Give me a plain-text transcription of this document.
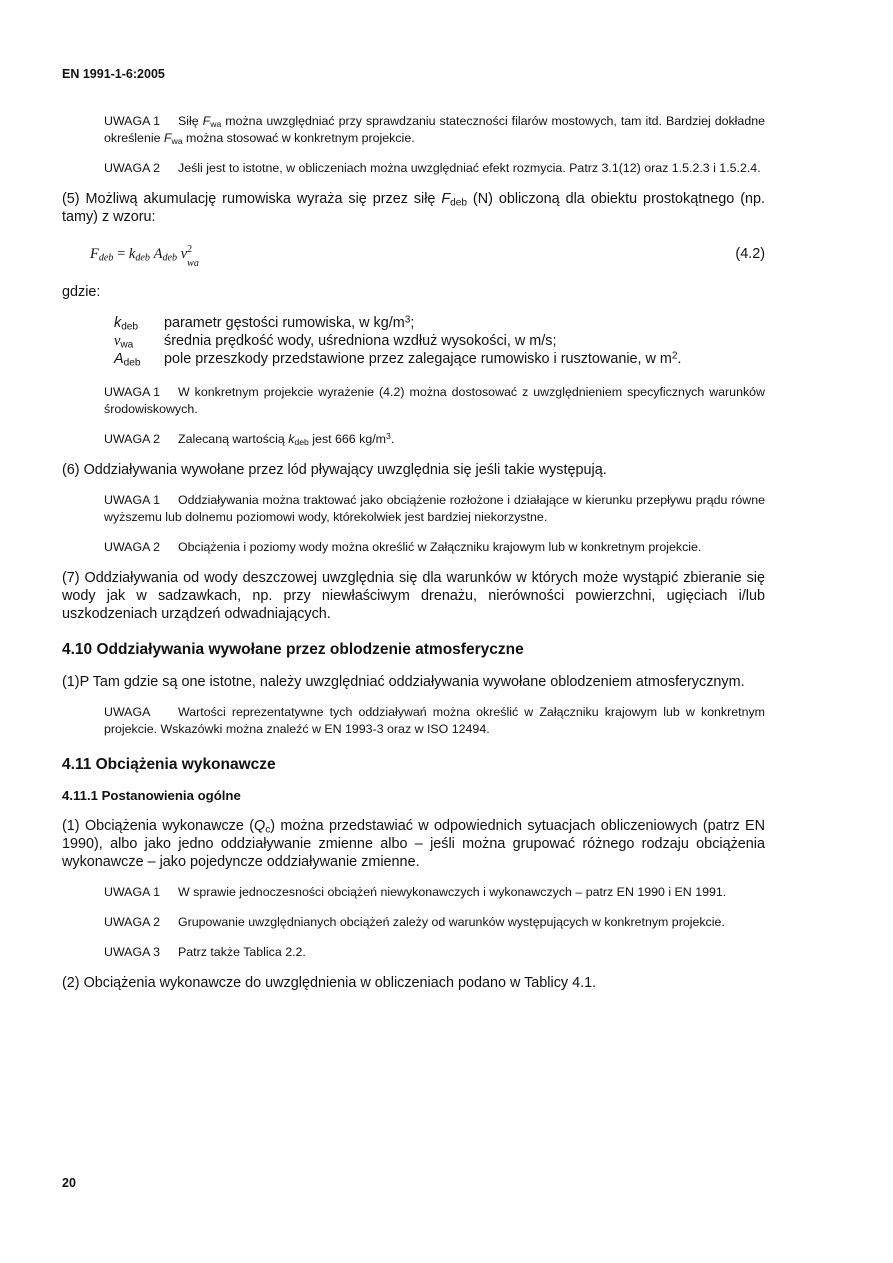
EN 1991-1-6:2005
UWAGA 1 Siłę $F_{wa}$ można uwzględniać przy sprawdzaniu stateczności filarów mostowych, tam itd. Bardziej dokładne określenie $F_{wa}$ można stosować w konkretnym projekcie.
UWAGA 2 Jeśli jest to istotne, w obliczeniach można uwzględniać efekt rozmycia. Patrz 3.1(12) oraz 1.5.2.3 i 1.5.2.4.
(5) Możliwą akumulację rumowiska wyraża się przez siłę $F_{deb}$ (N) obliczoną dla obiektu prostokątnego (np. tamy) z wzoru:
$F_{deb} = k_{deb}$ $A_{deb}$ v 2
wa
(4.2)
gdzie:
$k_{deb}$	parametr gęstości rumowiska, w $kg/m^3$;
$v_{wa}$	średnia prędkość wody, uśredniona wzdłuż wysokości, w m/s;
$A_{deb}$	pole przeszkody przedstawione przez zalegające rumowisko i rusztowanie, w $m^2$.
UWAGA 1 W konkretnym projekcie wyrażenie (4.2) można dostosować z uwzględnieniem specyficznych warunków środowiskowych.
UWAGA 2 Zalecaną wartością $k_{deb}$ jest 666 $kg/m^3$.
(6) Oddziaływania wywołane przez lód pływający uwzględnia się jeśli takie występują.
UWAGA 1 Oddziaływania można traktować jako obciążenie rozłożone i działające w kierunku przepływu prądu równe wyższemu lub dolnemu poziomowi wody, którekolwiek jest bardziej niekorzystne.
UWAGA 2 Obciążenia i poziomy wody można określić w Załączniku krajowym lub w konkretnym projekcie.
(7) Oddziaływania od wody deszczowej uwzględnia się dla warunków w których może wystąpić zbieranie się wody jak w sadzawkach, np. przy niewłaściwym drenażu, nierówności powierzchni, ugięciach i/lub uszkodzeniach urządzeń odwadniających.
4.10 Oddziaływania wywołane przez oblodzenie atmosferyczne
(1)P Tam gdzie są one istotne, należy uwzględniać oddziaływania wywołane oblodzeniem atmosferycznym.
UWAGA Wartości reprezentatywne tych oddziaływań można określić w Załączniku krajowym lub w konkretnym projekcie. Wskazówki można znaleźć w EN 1993-3 oraz w ISO 12494.
4.11 Obciążenia wykonawcze
4.11.1 Postanowienia ogólne
(1) Obciążenia wykonawcze $(Q_c)$ można przedstawiać w odpowiednich sytuacjach obliczeniowych (patrz EN 1990), albo jako jedno oddziaływanie zmienne albo – jeśli można grupować różnego rodzaju obciążenia wykonawcze – jako pojedyncze oddziaływanie zmienne.
UWAGA 1 W sprawie jednoczesności obciążeń niewykonawczych i wykonawczych – patrz EN 1990 i EN 1991.
UWAGA 2 Grupowanie uwzględnianych obciążeń zależy od warunków występujących w konkretnym projekcie.
UWAGA 3 Patrz także Tablica 2.2.
(2) Obciążenia wykonawcze do uwzględnienia w obliczeniach podano w Tablicy 4.1.
20
